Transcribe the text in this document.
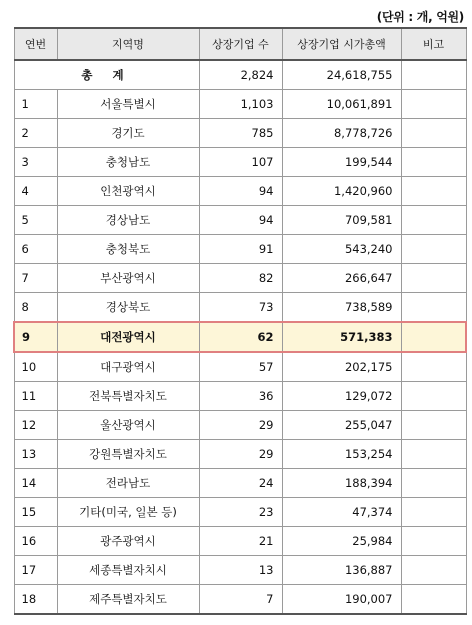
(단위 : 개, 억원)
연번	지역명	상장기업 수	상장기업 시가총액	비고
총 계		2,824	24,618,755	
1	서울특별시	1,103	10,061,891	
2	경기도	785	8,778,726	
3	충청남도	107	199,544	
4	인천광역시	94	1,420,960	
5	경상남도	94	709,581	
6	충청북도	91	543,240	
7	부산광역시	82	266,647	
8	경상북도	73	738,589	
9	대전광역시	62	571,383	
10	대구광역시	57	202,175	
11	전북특별자치도	36	129,072	
12	울산광역시	29	255,047	
13	강원특별자치도	29	153,254	
14	전라남도	24	188,394	
15	기타(미국, 일본 등)	23	47,374	
16	광주광역시	21	25,984	
17	세종특별자치시	13	136,887	
18	제주특별자치도	7	190,007	
